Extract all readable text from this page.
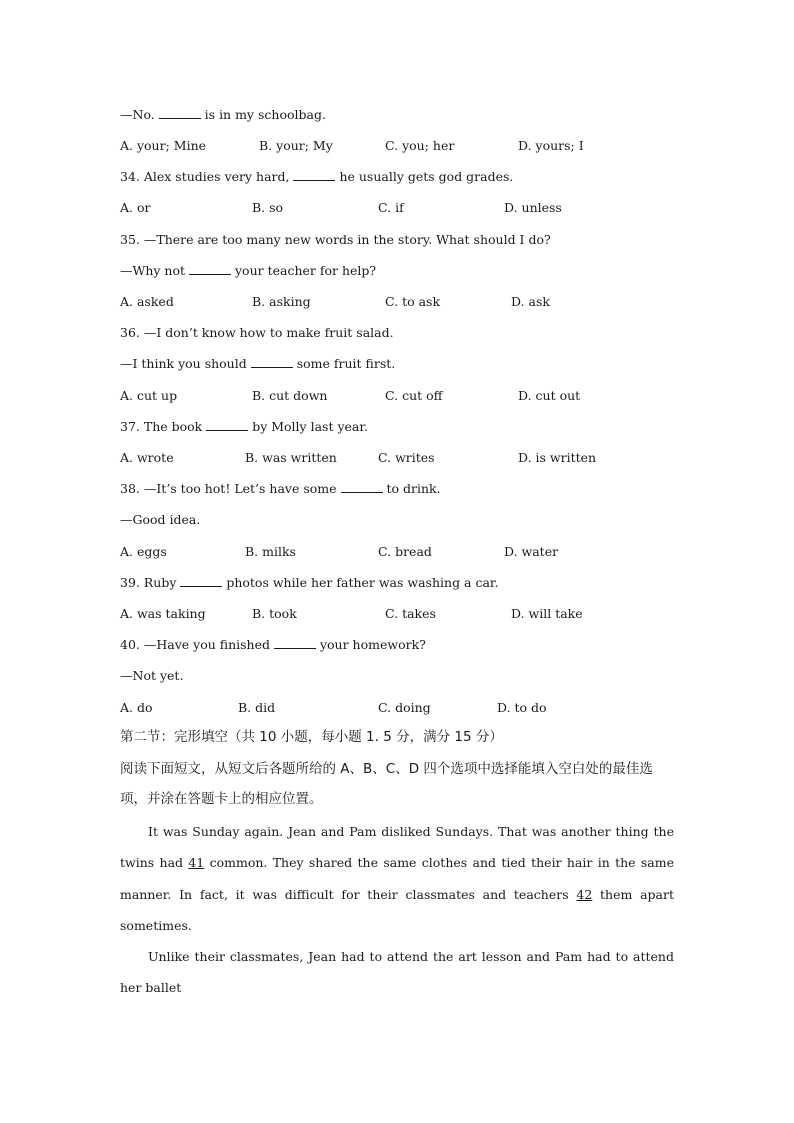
—No.	is in my schoolbag.
A. your; Mine	B. your; My	C. you; her	D. yours; I
34. Alex studies very hard,	he usually gets god grades.
A. or	B. so	C. if	D. unless
35. —There are too many new words in the story. What should I do?
—Why not	your teacher for help?
A. asked	B. asking	C. to ask	D. ask
36. —I don’t know how to make fruit salad.
—I think you should	some fruit first.
A. cut up	B. cut down	C. cut off	D. cut out
37. The book	by Molly last year.
A. wrote	B. was written	C. writes	D. is written
38. —It’s too hot! Let’s have some	to drink.
—Good idea.
A. eggs	B. milks	C. bread	D. water
39. Ruby	photos while her father was washing a car.
A. was taking	B. took	C. takes	D. will take
40. —Have you finished	your homework?
—Not yet.
A. do	B. did	C. doing	D. to do
第二节：完形填空（共 10 小题，每小题 1. 5 分，满分 15 分）
阅读下面短文，从短文后各题所给的 A、B、C、D 四个选项中选择能填入空白处的最佳选
项，并涂在答题卡上的相应位置。
It was Sunday again. Jean and Pam disliked Sundays. That was another thing the twins had 41 common. They shared the same clothes and tied their hair in the same manner. In fact, it was difficult for their classmates and teachers 42 them apart sometimes.
Unlike their classmates, Jean had to attend the art lesson and Pam had to attend her ballet
